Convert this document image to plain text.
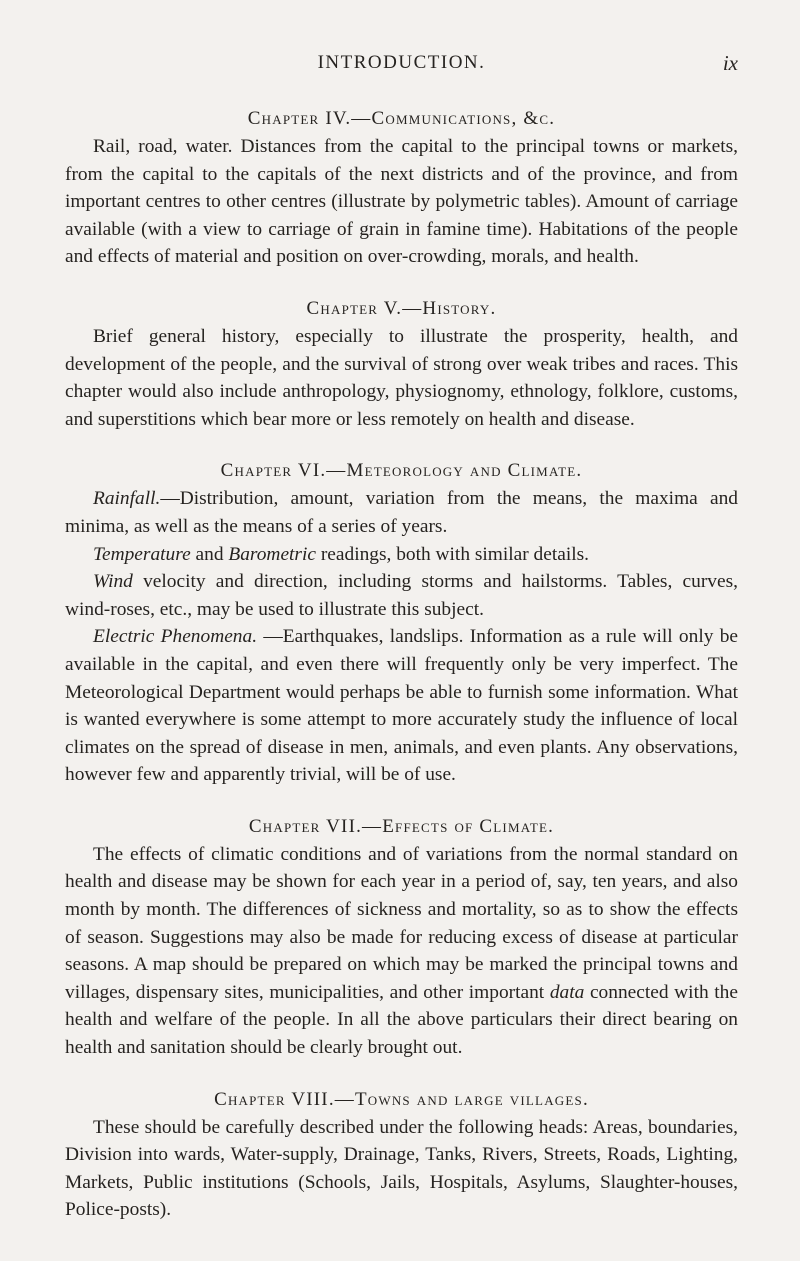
INTRODUCTION.	ix
Chapter IV.—Communications, &c.

Rail, road, water. Distances from the capital to the principal towns or markets, from the capital to the capitals of the next districts and of the province, and from important centres to other centres (illustrate by polymetric tables). Amount of carriage available (with a view to carriage of grain in famine time). Habitations of the people and effects of material and position on over-crowding, morals, and health.

Chapter V.—History.

Brief general history, especially to illustrate the prosperity, health, and development of the people, and the survival of strong over weak tribes and races. This chapter would also include anthropology, physiognomy, ethnology, folklore, customs, and superstitions which bear more or less remotely on health and disease.

Chapter VI.—Meteorology and Climate.

Rainfall.—Distribution, amount, variation from the means, the maxima and minima, as well as the means of a series of years.

Temperature and Barometric readings, both with similar details.

Wind velocity and direction, including storms and hailstorms. Tables, curves, wind-roses, etc., may be used to illustrate this subject.

Electric Phenomena. —Earthquakes, landslips. Information as a rule will only be available in the capital, and even there will frequently only be very imperfect. The Meteorological Department would perhaps be able to furnish some information. What is wanted everywhere is some attempt to more accurately study the influence of local climates on the spread of disease in men, animals, and even plants. Any observations, however few and apparently trivial, will be of use.

Chapter VII.—Effects of Climate.

The effects of climatic conditions and of variations from the normal standard on health and disease may be shown for each year in a period of, say, ten years, and also month by month. The differences of sickness and mortality, so as to show the effects of season. Suggestions may also be made for reducing excess of disease at particular seasons. A map should be prepared on which may be marked the principal towns and villages, dispensary sites, municipalities, and other important data connected with the health and welfare of the people. In all the above particulars their direct bearing on health and sanitation should be clearly brought out.

Chapter VIII.—Towns and large villages.

These should be carefully described under the following heads: Areas, boundaries, Division into wards, Water-supply, Drainage, Tanks, Rivers, Streets, Roads, Lighting, Markets, Public institutions (Schools, Jails, Hospitals, Asylums, Slaughter-houses, Police-posts).
